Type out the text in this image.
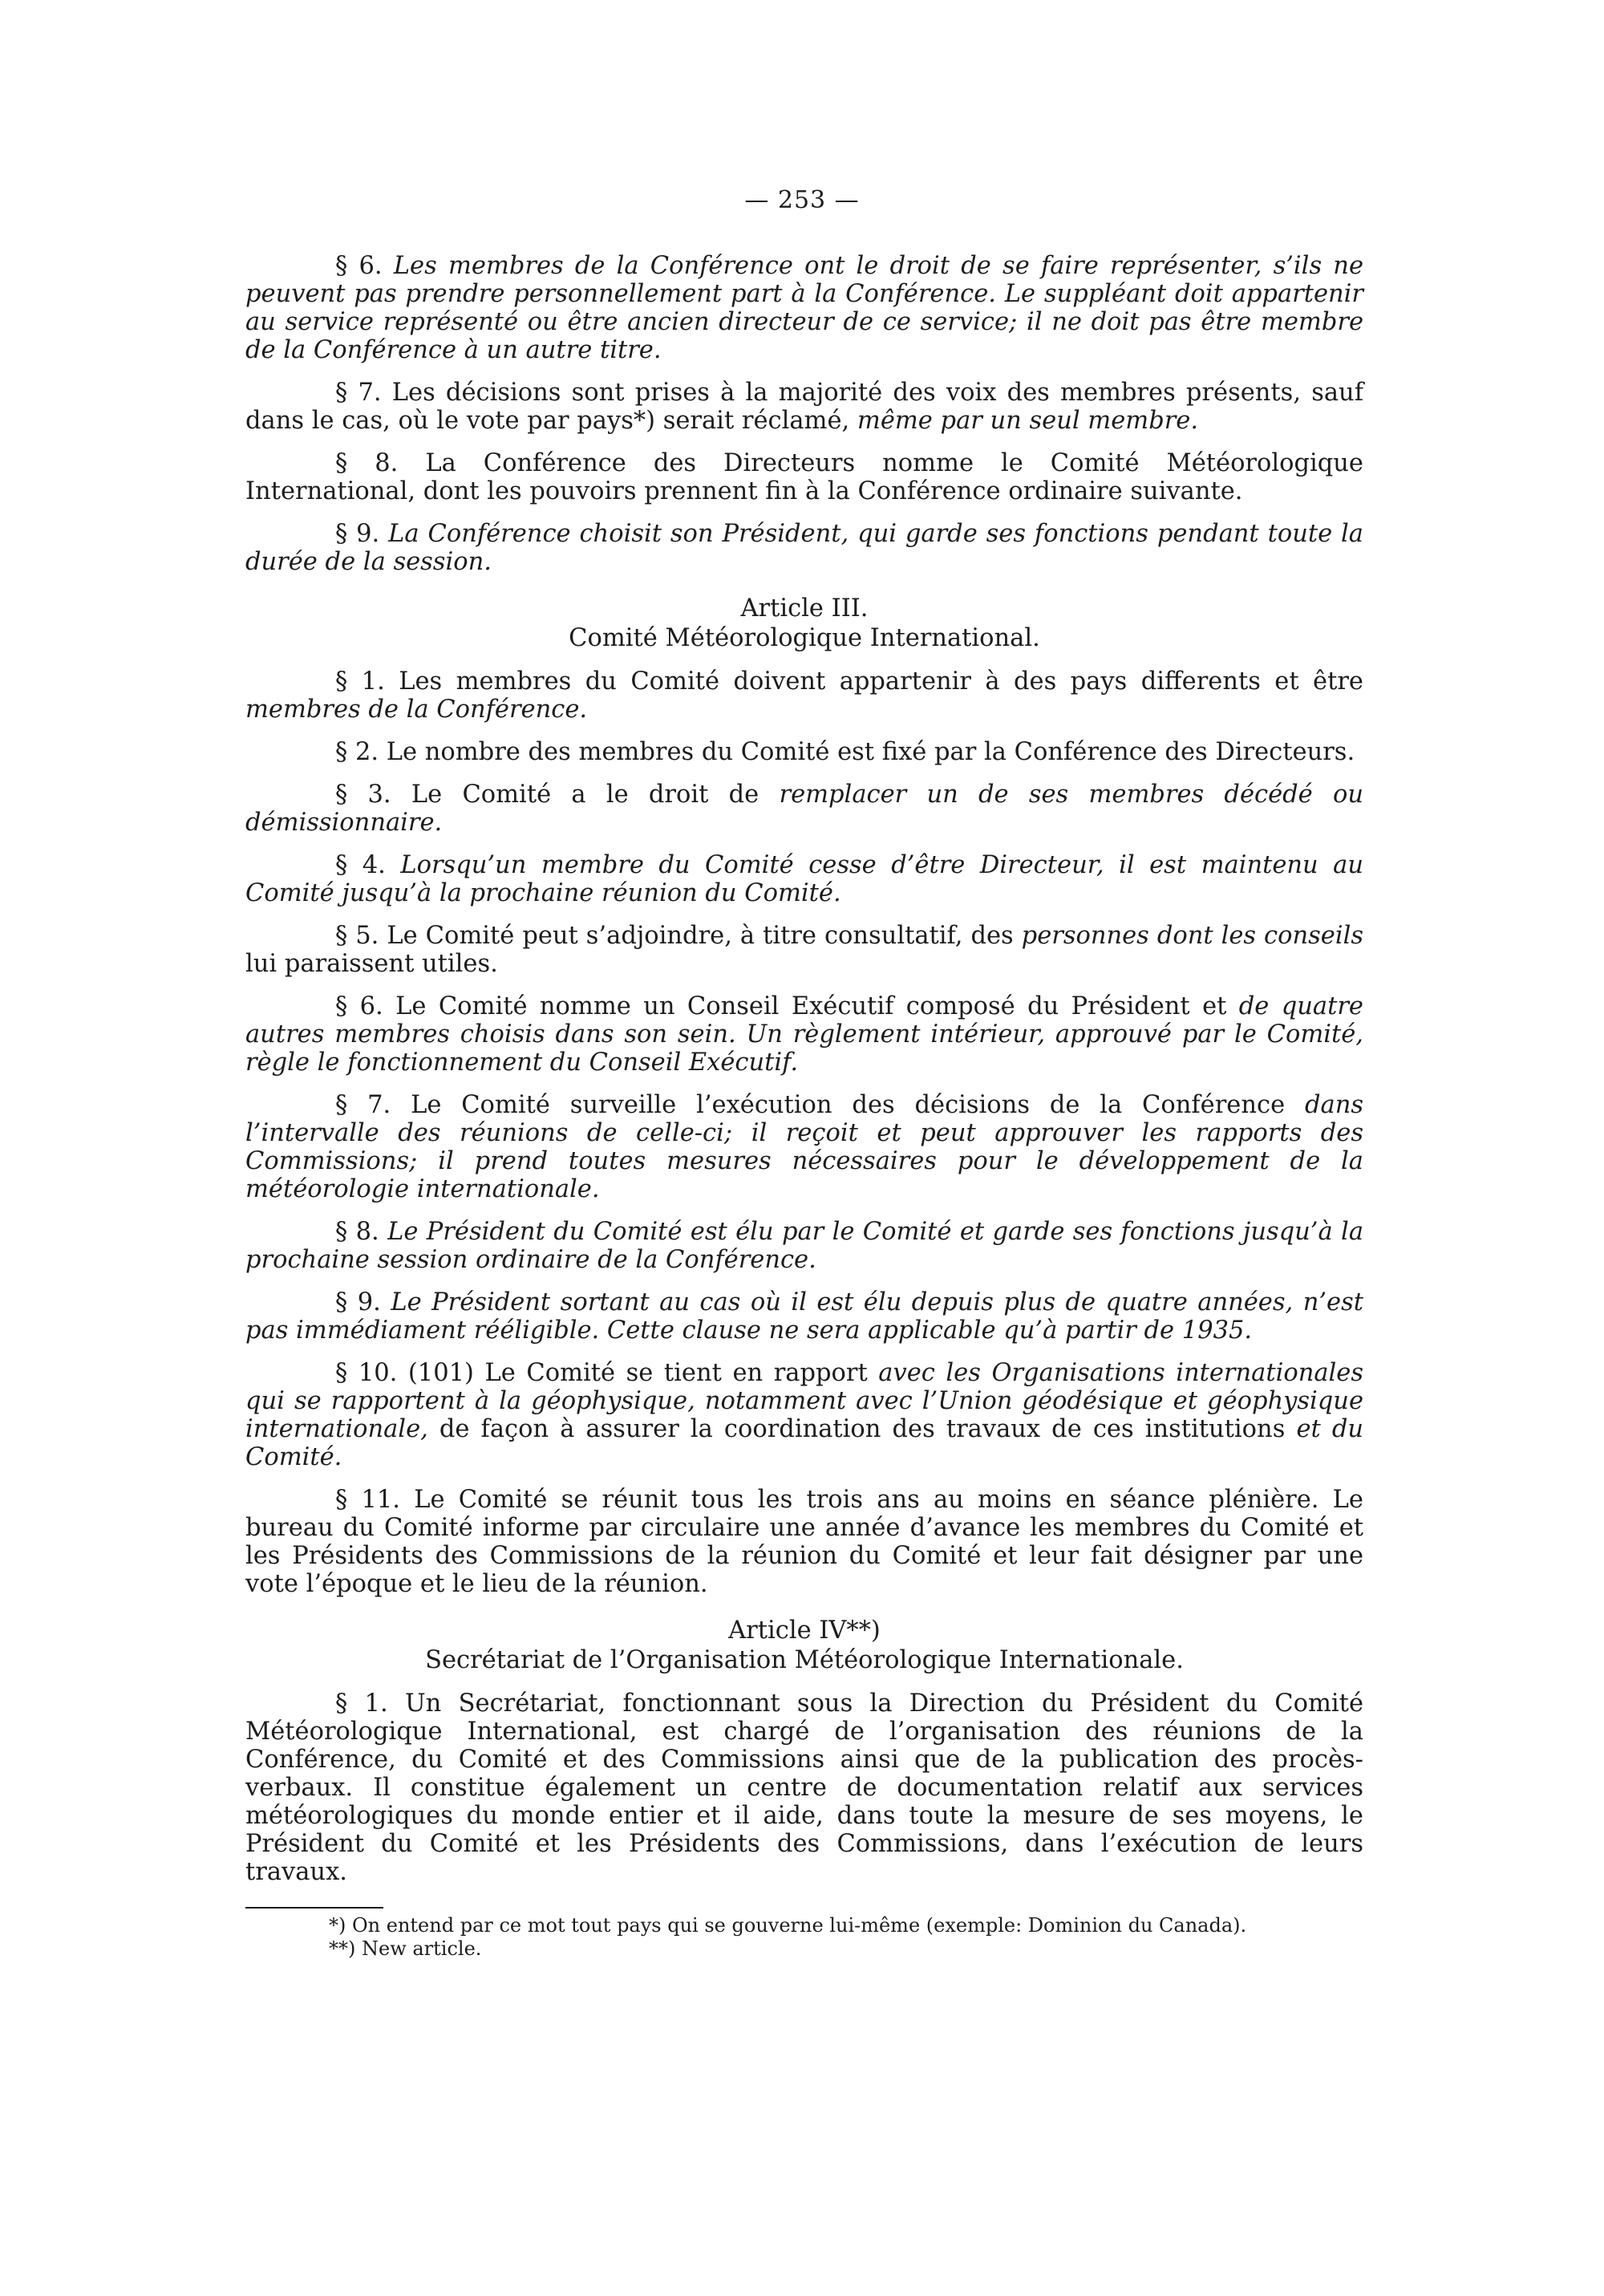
— 253 —

§ 6. Les membres de la Conférence ont le droit de se faire représenter, s’ils ne peuvent pas prendre personnellement part à la Conférence. Le suppléant doit appartenir au service représenté ou être ancien directeur de ce service; il ne doit pas être membre de la Conférence à un autre titre.

§ 7. Les décisions sont prises à la majorité des voix des membres présents, sauf dans le cas, où le vote par pays*) serait réclamé, même par un seul membre.

§ 8. La Conférence des Directeurs nomme le Comité Météorologique International, dont les pouvoirs prennent fin à la Conférence ordinaire suivante.

§ 9. La Conférence choisit son Président, qui garde ses fonctions pendant toute la durée de la session.

Article III.
Comité Météorologique International.

§ 1. Les membres du Comité doivent appartenir à des pays differents et être membres de la Conférence.

§ 2. Le nombre des membres du Comité est fixé par la Conférence des Directeurs.

§ 3. Le Comité a le droit de remplacer un de ses membres décédé ou démissionnaire.

§ 4. Lorsqu’un membre du Comité cesse d’être Directeur, il est maintenu au Comité jusqu’à la prochaine réunion du Comité.

§ 5. Le Comité peut s’adjoindre, à titre consultatif, des personnes dont les conseils lui paraissent utiles.

§ 6. Le Comité nomme un Conseil Exécutif composé du Président et de quatre autres membres choisis dans son sein. Un règlement intérieur, approuvé par le Comité, règle le fonctionnement du Conseil Exécutif.

§ 7. Le Comité surveille l’exécution des décisions de la Conférence dans l’intervalle des réunions de celle-ci; il reçoit et peut approuver les rapports des Commissions; il prend toutes mesures nécessaires pour le développement de la météorologie internationale.

§ 8. Le Président du Comité est élu par le Comité et garde ses fonctions jusqu’à la prochaine session ordinaire de la Conférence.

§ 9. Le Président sortant au cas où il est élu depuis plus de quatre années, n’est pas immédiament rééligible. Cette clause ne sera applicable qu’à partir de 1935.

§ 10. (101) Le Comité se tient en rapport avec les Organisations internationales qui se rapportent à la géophysique, notamment avec l’Union géodésique et géophysique internationale, de façon à assurer la coordination des travaux de ces institutions et du Comité.

§ 11. Le Comité se réunit tous les trois ans au moins en séance plénière. Le bureau du Comité informe par circulaire une année d’avance les membres du Comité et les Présidents des Commissions de la réunion du Comité et leur fait désigner par une vote l’époque et le lieu de la réunion.

Article IV**)
Secrétariat de l’Organisation Météorologique Internationale.

§ 1. Un Secrétariat, fonctionnant sous la Direction du Président du Comité Météorologique International, est chargé de l’organisation des réunions de la Conférence, du Comité et des Commissions ainsi que de la publication des procès-verbaux. Il constitue également un centre de documentation relatif aux services météorologiques du monde entier et il aide, dans toute la mesure de ses moyens, le Président du Comité et les Présidents des Commissions, dans l’exécution de leurs travaux.

*) On entend par ce mot tout pays qui se gouverne lui-même (exemple: Dominion du Canada).

**) New article.
